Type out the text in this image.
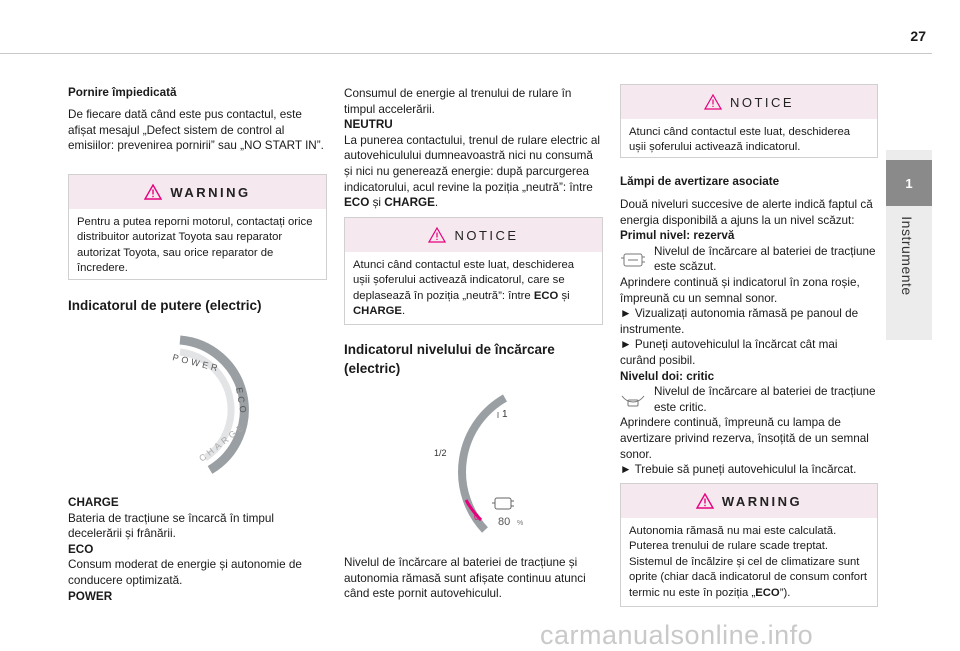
27
1
Instrumente
Pornire împiedicată
De fiecare dată când este pus contactul, este afișat mesajul „Defect sistem de control al emisiilor: prevenirea pornirii” sau „NO START IN”.
WARNING
Pentru a putea reporni motorul, contactați orice distribuitor autorizat Toyota sau reparator autorizat Toyota, sau orice reparator de încredere.
Indicatorul de putere (electric)
POWER
ECO
CHARGE
CHARGE
Bateria de tracțiune se încarcă în timpul decelerării și frânării.
ECO
Consum moderat de energie și autonomie de conducere optimizată.
POWER
Consumul de energie al trenului de rulare în timpul accelerării.
NEUTRU
La punerea contactului, trenul de rulare electric al autovehiculului dumneavoastră nici nu consumă și nici nu generează energie: după parcurgerea indicatorului, acul revine la poziția „neutră”: între ECO și CHARGE.
NOTICE
Atunci când contactul este luat, deschiderea ușii șoferului activează indicatorul, care se deplasează în poziția „neutră”: între ECO și CHARGE.
Indicatorul nivelului de încărcare (electric)
1
1/2
0 80 %
Nivelul de încărcare al bateriei de tracțiune și autonomia rămasă sunt afișate continuu atunci când este pornit autovehiculul.
NOTICE
Atunci când contactul este luat, deschiderea ușii șoferului activează indicatorul.
Lămpi de avertizare asociate
Două niveluri succesive de alerte indică faptul că energia disponibilă a ajuns la un nivel scăzut:
Primul nivel: rezervă
Nivelul de încărcare al bateriei de tracțiune este scăzut.
Aprindere continuă și indicatorul în zona roșie, împreună cu un semnal sonor.
► Vizualizați autonomia rămasă pe panoul de instrumente.
► Puneți autovehiculul la încărcat cât mai curând posibil.
Nivelul doi: critic
Nivelul de încărcare al bateriei de tracțiune este critic.
Aprindere continuă, împreună cu lampa de avertizare privind rezerva, însoțită de un semnal sonor.
► Trebuie să puneți autovehiculul la încărcat.
WARNING
Autonomia rămasă nu mai este calculată. Puterea trenului de rulare scade treptat. Sistemul de încălzire și cel de climatizare sunt oprite (chiar dacă indicatorul de consum confort termic nu este în poziția „ECO”).
carmanualsonline.info
